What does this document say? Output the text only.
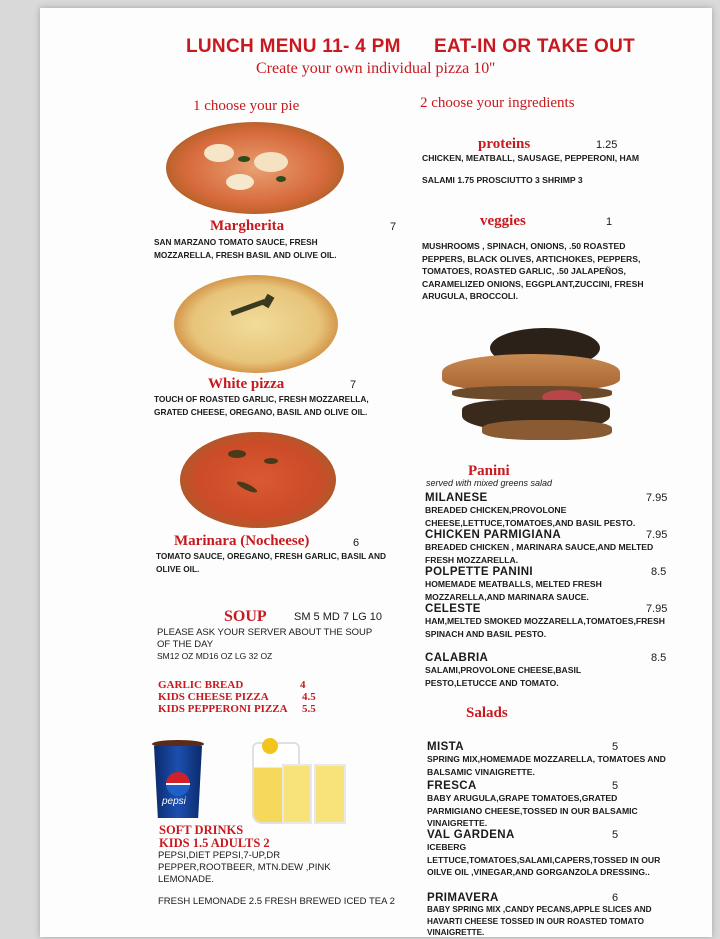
LUNCH MENU 11- 4 PM EAT-IN OR TAKE OUT
Create your own individual pizza 10''
1 choose your pie	2 choose your ingredients
Margherita	7
SAN MARZANO TOMATO SAUCE, FRESH MOZZARELLA, FRESH BASIL AND OLIVE OIL.
White pizza	7
TOUCH OF ROASTED GARLIC, FRESH MOZZARELLA, GRATED CHEESE, OREGANO, BASIL AND OLIVE OIL.
Marinara (Nocheese)	6
TOMATO SAUCE, OREGANO, FRESH GARLIC, BASIL AND OLIVE OIL.
proteins	1.25
CHICKEN, MEATBALL, SAUSAGE, PEPPERONI, HAM
SALAMI 1.75 PROSCIUTTO 3 SHRIMP 3
veggies	1
MUSHROOMS , SPINACH, ONIONS, .50 ROASTED PEPPERS, BLACK OLIVES, ARTICHOKES, PEPPERS, TOMATOES, ROASTED GARLIC, .50 JALAPEÑOS, CARAMELIZED ONIONS, EGGPLANT,ZUCCINI, FRESH ARUGULA, BROCCOLI.
SOUP SM 5 MD 7 LG 10
PLEASE ASK YOUR SERVER ABOUT THE SOUP OF THE DAY
SM12 OZ MD16 OZ LG 32 OZ
GARLIC BREAD	4
KIDS CHEESE PIZZA	4.5
KIDS PEPPERONI PIZZA 5.5
pepsi
SOFT DRINKS
KIDS 1.5 ADULTS 2
PEPSI,DIET PEPSI,7-UP,DR PEPPER,ROOTBEER, MTN.DEW ,PINK LEMONADE.
FRESH LEMONADE 2.5 FRESH BREWED ICED TEA 2
Panini
served with mixed greens salad
MILANESE	7.95
BREADED CHICKEN,PROVOLONE CHEESE,LETTUCE,TOMATOES,AND BASIL PESTO.
CHICKEN PARMIGIANA	7.95
BREADED CHICKEN , MARINARA SAUCE,AND MELTED FRESH MOZZARELLA.
POLPETTE PANINI	8.5
HOMEMADE MEATBALLS, MELTED FRESH MOZZARELLA,AND MARINARA SAUCE.
CELESTE	7.95
HAM,MELTED SMOKED MOZZARELLA,TOMATOES,FRESH SPINACH AND BASIL PESTO.
CALABRIA	8.5
SALAMI,PROVOLONE CHEESE,BASIL PESTO,LETUCCE AND TOMATO.
Salads
MISTA	5
SPRING MIX,HOMEMADE MOZZARELLA, TOMATOES AND BALSAMIC VINAIGRETTE.
FRESCA	5
BABY ARUGULA,GRAPE TOMATOES,GRATED PARMIGIANO CHEESE,TOSSED IN OUR BALSAMIC VINAIGRETTE.
VAL GARDENA	5
ICEBERG LETTUCE,TOMATOES,SALAMI,CAPERS,TOSSED IN OUR OILVE OIL ,VINEGAR,AND GORGANZOLA DRESSING..
PRIMAVERA	6
BABY SPRING MIX ,CANDY PECANS,APPLE SLICES AND HAVARTI CHEESE TOSSED IN OUR ROASTED TOMATO VINAIGRETTE.
